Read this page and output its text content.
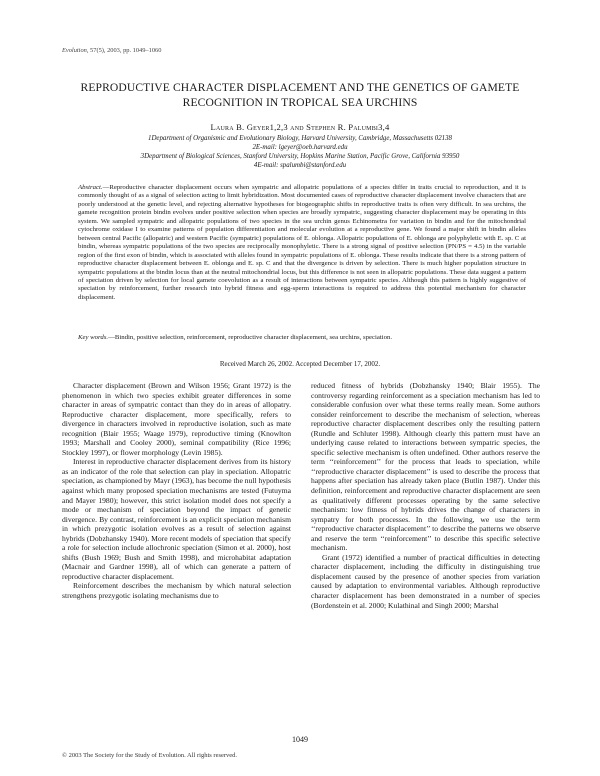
Evolution, 57(5), 2003, pp. 1049–1060
REPRODUCTIVE CHARACTER DISPLACEMENT AND THE GENETICS OF GAMETE
RECOGNITION IN TROPICAL SEA URCHINS
Laura B. Geyer1,2,3 and Stephen R. Palumbi3,4
1Department of Organismic and Evolutionary Biology, Harvard University, Cambridge, Massachusetts 02138
2E-mail: lgeyer@oeb.harvard.edu
3Department of Biological Sciences, Stanford University, Hopkins Marine Station, Pacific Grove, California 93950
4E-mail: spalumbi@stanford.edu
Abstract.—Reproductive character displacement occurs when sympatric and allopatric populations of a species differ in traits crucial to reproduction, and it is commonly thought of as a signal of selection acting to limit hybridization. Most documented cases of reproductive character displacement involve characters that are poorly understood at the genetic level, and rejecting alternative hypotheses for biogeographic shifts in reproductive traits is often very difficult. In sea urchins, the gamete recognition protein bindin evolves under positive selection when species are broadly sympatric, suggesting character displacement may be operating in this system. We sampled sympatric and allopatric populations of two species in the sea urchin genus Echinometra for variation in bindin and for the mitochondrial cytochrome oxidase I to examine patterns of population differentiation and molecular evolution at a reproductive gene. We found a major shift in bindin alleles between central Pacific (allopatric) and western Pacific (sympatric) populations of E. oblonga. Allopatric populations of E. oblonga are polyphyletic with E. sp. C at bindin, whereas sympatric populations of the two species are reciprocally monophyletic. There is a strong signal of positive selection (PN/PS = 4.5) in the variable region of the first exon of bindin, which is associated with alleles found in sympatric populations of E. oblonga. These results indicate that there is a strong pattern of reproductive character displacement between E. oblonga and E. sp. C and that the divergence is driven by selection. There is much higher population structure in sympatric populations at the bindin locus than at the neutral mitochondrial locus, but this difference is not seen in allopatric populations. These data suggest a pattern of speciation driven by selection for local gamete coevolution as a result of interactions between sympatric species. Although this pattern is highly suggestive of speciation by reinforcement, further research into hybrid fitness and egg-sperm interactions is required to address this potential mechanism for character displacement.
Key words.—Bindin, positive selection, reinforcement, reproductive character displacement, sea urchins, speciation.
Received March 26, 2002. Accepted December 17, 2002.

Character displacement (Brown and Wilson 1956; Grant 1972) is the phenomenon in which two species exhibit greater differences in some character in areas of sympatric contact than they do in areas of allopatry. Reproductive character displacement, more specifically, refers to divergence in characters involved in reproductive isolation, such as mate recognition (Blair 1955; Waage 1979), reproductive timing (Knowlton 1993; Marshall and Cooley 2000), seminal compatibility (Rice 1996; Stockley 1997), or flower morphology (Levin 1985).

Interest in reproductive character displacement derives from its history as an indicator of the role that selection can play in speciation. Allopatric speciation, as championed by Mayr (1963), has become the null hypothesis against which many proposed speciation mechanisms are tested (Futuyma and Mayer 1980); however, this strict isolation model does not specify a mode or mechanism of speciation beyond the impact of genetic divergence. By contrast, reinforcement is an explicit speciation mechanism in which prezygotic isolation evolves as a result of selection against hybrids (Dobzhansky 1940). More recent models of speciation that specify a role for selection include allochronic speciation (Simon et al. 2000), host shifts (Bush 1969; Bush and Smith 1998), and microhabitat adaptation (Macnair and Gardner 1998), all of which can generate a pattern of reproductive character displacement.

Reinforcement describes the mechanism by which natural selection strengthens prezygotic isolating mechanisms due to

reduced fitness of hybrids (Dobzhansky 1940; Blair 1955). The controversy regarding reinforcement as a speciation mechanism has led to considerable confusion over what these terms really mean. Some authors consider reinforcement to describe the mechanism of selection, whereas reproductive character displacement describes only the resulting pattern (Rundle and Schluter 1998). Although clearly this pattern must have an underlying cause related to interactions between sympatric species, the specific selective mechanism is often undefined. Other authors reserve the term ‘‘reinforcement’’ for the process that leads to speciation, while ‘‘reproductive character displacement’’ is used to describe the process that happens after speciation has already taken place (Butlin 1987). Under this definition, reinforcement and reproductive character displacement are seen as qualitatively different processes operating by the same selective mechanism: low fitness of hybrids drives the change of characters in sympatry for both processes. In the following, we use the term ‘‘reproductive character displacement’’ to describe the patterns we observe and reserve the term ‘‘reinforcement’’ to describe this specific selective mechanism.

Grant (1972) identified a number of practical difficulties in detecting character displacement, including the difficulty in distinguishing true displacement caused by the presence of another species from variation caused by adaptation to environmental variables. Although reproductive character displacement has been demonstrated in a number of species (Bordenstein et al. 2000; Kulathinal and Singh 2000; Marshal

1049
© 2003 The Society for the Study of Evolution. All rights reserved.
